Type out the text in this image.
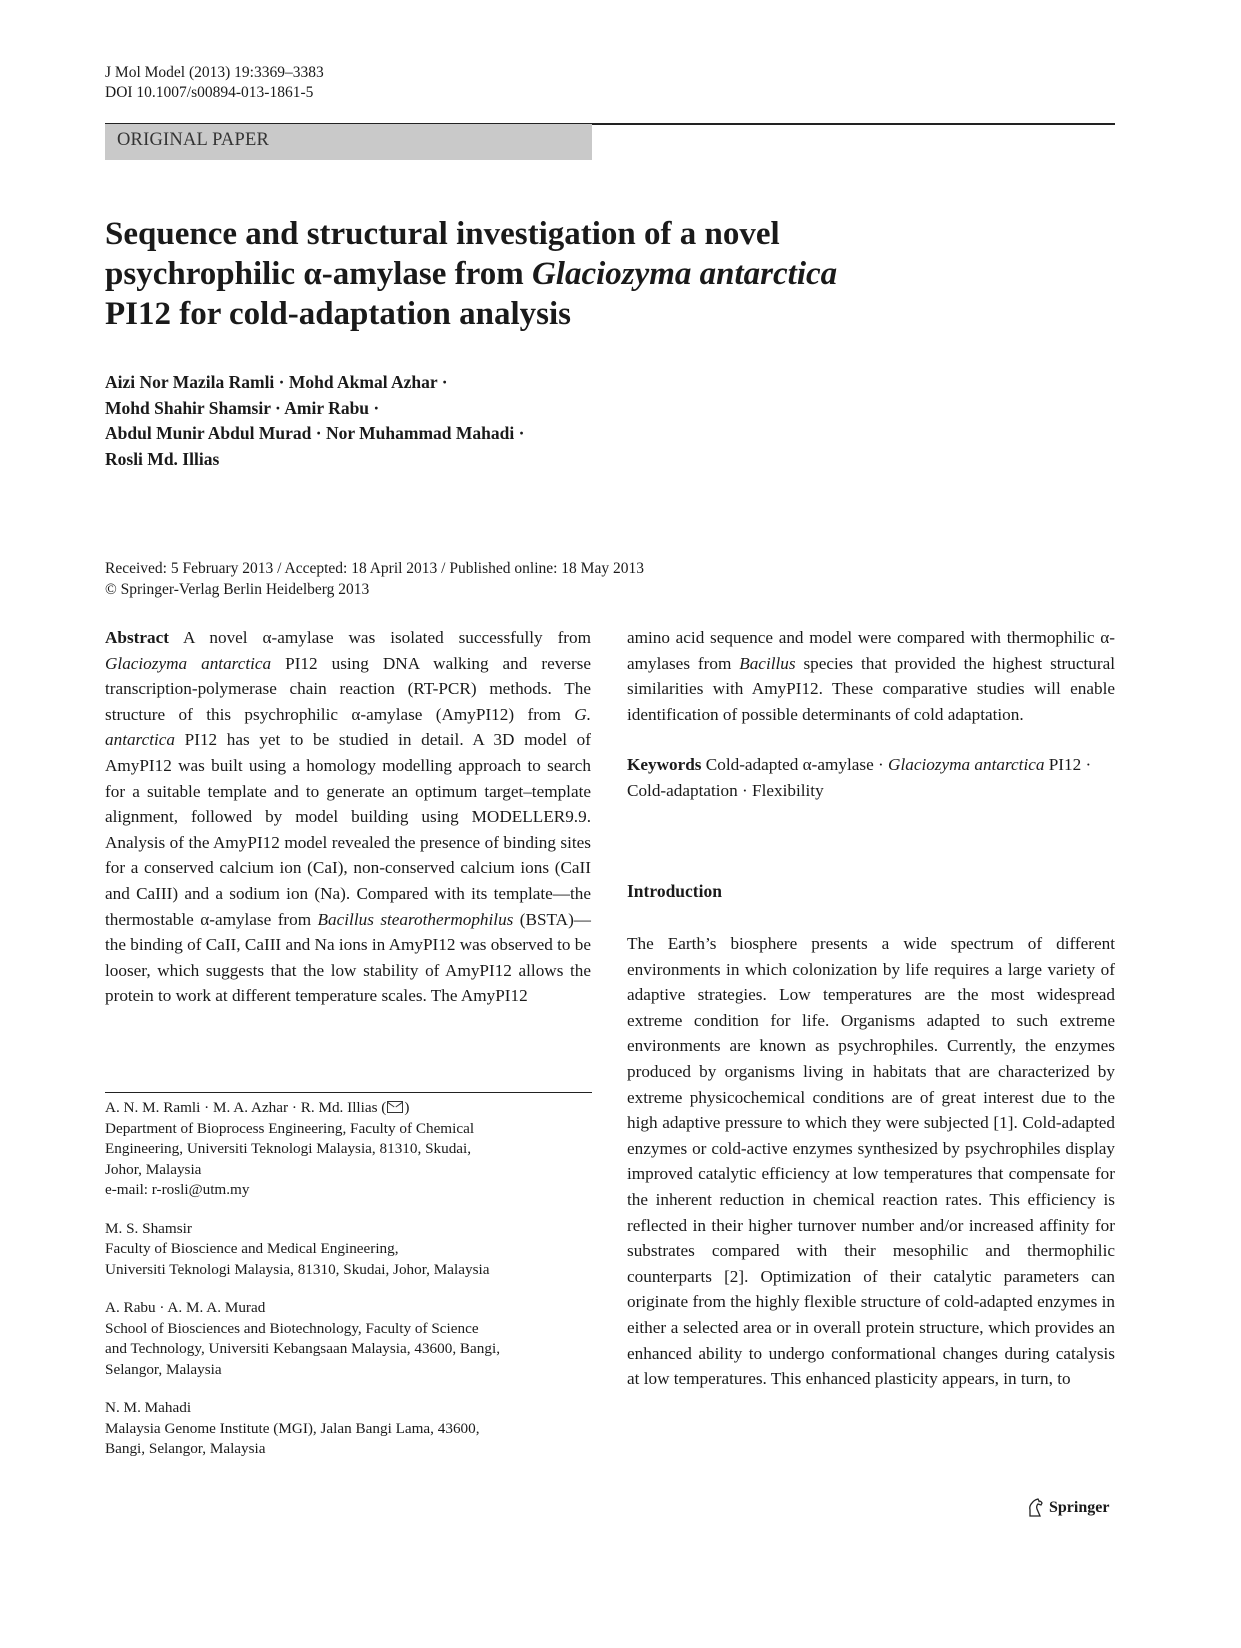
J Mol Model (2013) 19:3369–3383
DOI 10.1007/s00894-013-1861-5
ORIGINAL PAPER
Sequence and structural investigation of a novel
psychrophilic α-amylase from Glaciozyma antarctica
PI12 for cold-adaptation analysis
Aizi Nor Mazila Ramli · Mohd Akmal Azhar ·
Mohd Shahir Shamsir · Amir Rabu ·
Abdul Munir Abdul Murad · Nor Muhammad Mahadi ·
Rosli Md. Illias
Received: 5 February 2013 / Accepted: 18 April 2013 / Published online: 18 May 2013
© Springer-Verlag Berlin Heidelberg 2013

Abstract A novel α-amylase was isolated successfully from Glaciozyma antarctica PI12 using DNA walking and reverse transcription-polymerase chain reaction (RT-PCR) methods. The structure of this psychrophilic α-amylase (AmyPI12) from G. antarctica PI12 has yet to be studied in detail. A 3D model of AmyPI12 was built using a homology modelling approach to search for a suitable template and to generate an optimum target–template alignment, followed by model building using MODELLER9.9. Analysis of the AmyPI12 model revealed the presence of binding sites for a conserved calcium ion (CaI), non-conserved calcium ions (CaII and CaIII) and a sodium ion (Na). Compared with its template—the thermostable α-amylase from Bacillus stearothermophilus (BSTA)—the binding of CaII, CaIII and Na ions in AmyPI12 was observed to be looser, which suggests that the low stability of AmyPI12 allows the protein to work at different temperature scales. The AmyPI12

amino acid sequence and model were compared with thermophilic α-amylases from Bacillus species that provided the highest structural similarities with AmyPI12. These comparative studies will enable identification of possible determinants of cold adaptation.

Keywords Cold-adapted α-amylase · Glaciozyma antarctica PI12 · Cold-adaptation · Flexibility

Introduction

The Earth’s biosphere presents a wide spectrum of different environments in which colonization by life requires a large variety of adaptive strategies. Low temperatures are the most widespread extreme condition for life. Organisms adapted to such extreme environments are known as psychrophiles. Currently, the enzymes produced by organisms living in habitats that are characterized by extreme physicochemical conditions are of great interest due to the high adaptive pressure to which they were subjected [1]. Cold-adapted enzymes or cold-active enzymes synthesized by psychrophiles display improved catalytic efficiency at low temperatures that compensate for the inherent reduction in chemical reaction rates. This efficiency is reflected in their higher turnover number and/or increased affinity for substrates compared with their mesophilic and thermophilic counterparts [2]. Optimization of their catalytic parameters can originate from the highly flexible structure of cold-adapted enzymes in either a selected area or in overall protein structure, which provides an enhanced ability to undergo conformational changes during catalysis at low temperatures. This enhanced plasticity appears, in turn, to

A. N. M. Ramli · M. A. Azhar · R. Md. Illias ( )
Department of Bioprocess Engineering, Faculty of Chemical
Engineering, Universiti Teknologi Malaysia, 81310, Skudai,
Johor, Malaysia
e-mail: r-rosli@utm.my
M. S. Shamsir
Faculty of Bioscience and Medical Engineering,
Universiti Teknologi Malaysia, 81310, Skudai, Johor, Malaysia
A. Rabu · A. M. A. Murad
School of Biosciences and Biotechnology, Faculty of Science
and Technology, Universiti Kebangsaan Malaysia, 43600, Bangi,
Selangor, Malaysia
N. M. Mahadi
Malaysia Genome Institute (MGI), Jalan Bangi Lama, 43600,
Bangi, Selangor, Malaysia
Springer
